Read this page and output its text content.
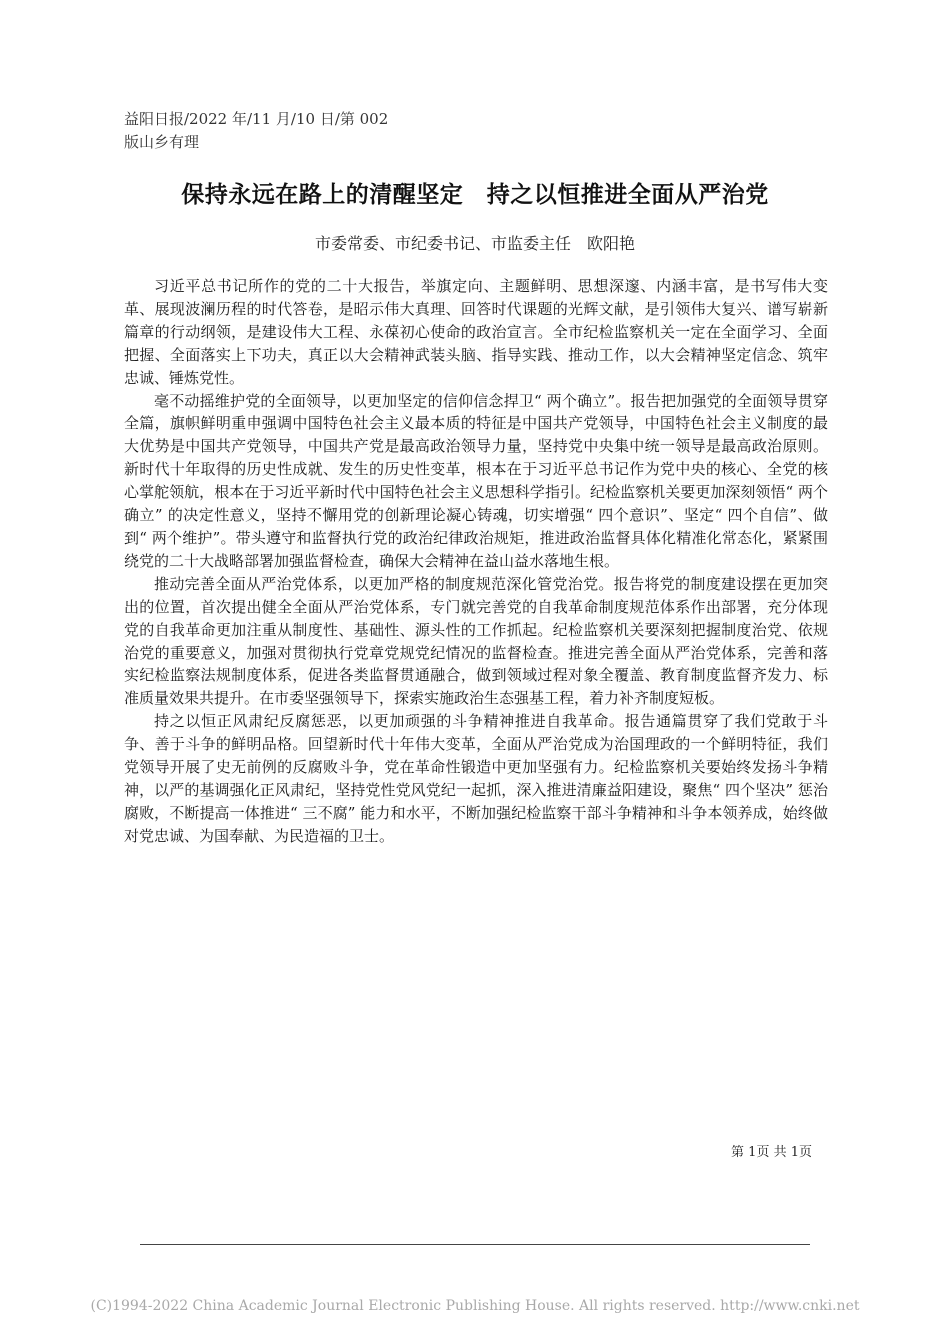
益阳日报/2022 年/11 月/10 日/第 002
版山乡有理
保持永远在路上的清醒坚定　持之以恒推进全面从严治党
市委常委、市纪委书记、市监委主任　欧阳艳

习近平总书记所作的党的二十大报告，举旗定向、主题鲜明、思想深邃、内涵丰富，是书写伟大变革、展现波澜历程的时代答卷，是昭示伟大真理、回答时代课题的光辉文献，是引领伟大复兴、谱写崭新篇章的行动纲领，是建设伟大工程、永葆初心使命的政治宣言。全市纪检监察机关一定在全面学习、全面把握、全面落实上下功夫，真正以大会精神武装头脑、指导实践、推动工作，以大会精神坚定信念、筑牢忠诚、锤炼党性。

毫不动摇维护党的全面领导，以更加坚定的信仰信念捍卫“ 两个确立”。报告把加强党的全面领导贯穿全篇，旗帜鲜明重申强调中国特色社会主义最本质的特征是中国共产党领导，中国特色社会主义制度的最大优势是中国共产党领导，中国共产党是最高政治领导力量，坚持党中央集中统一领导是最高政治原则。新时代十年取得的历史性成就、发生的历史性变革，根本在于习近平总书记作为党中央的核心、全党的核心掌舵领航，根本在于习近平新时代中国特色社会主义思想科学指引。纪检监察机关要更加深刻领悟“ 两个确立” 的决定性意义，坚持不懈用党的创新理论凝心铸魂，切实增强“ 四个意识”、坚定“ 四个自信”、做到“ 两个维护”。带头遵守和监督执行党的政治纪律政治规矩，推进政治监督具体化精准化常态化，紧紧围绕党的二十大战略部署加强监督检查，确保大会精神在益山益水落地生根。

推动完善全面从严治党体系，以更加严格的制度规范深化管党治党。报告将党的制度建设摆在更加突出的位置，首次提出健全全面从严治党体系，专门就完善党的自我革命制度规范体系作出部署，充分体现党的自我革命更加注重从制度性、基础性、源头性的工作抓起。纪检监察机关要深刻把握制度治党、依规治党的重要意义，加强对贯彻执行党章党规党纪情况的监督检查。推进完善全面从严治党体系，完善和落实纪检监察法规制度体系，促进各类监督贯通融合，做到领域过程对象全覆盖、教育制度监督齐发力、标准质量效果共提升。在市委坚强领导下，探索实施政治生态强基工程，着力补齐制度短板。

持之以恒正风肃纪反腐惩恶，以更加顽强的斗争精神推进自我革命。报告通篇贯穿了我们党敢于斗争、善于斗争的鲜明品格。回望新时代十年伟大变革，全面从严治党成为治国理政的一个鲜明特征，我们党领导开展了史无前例的反腐败斗争，党在革命性锻造中更加坚强有力。纪检监察机关要始终发扬斗争精神，以严的基调强化正风肃纪，坚持党性党风党纪一起抓，深入推进清廉益阳建设，聚焦“ 四个坚决” 惩治腐败，不断提高一体推进“ 三不腐” 能力和水平，不断加强纪检监察干部斗争精神和斗争本领养成，始终做对党忠诚、为国奉献、为民造福的卫士。

第 1页 共 1页
(C)1994-2022 China Academic Journal Electronic Publishing House. All rights reserved. http://www.cnki.net
